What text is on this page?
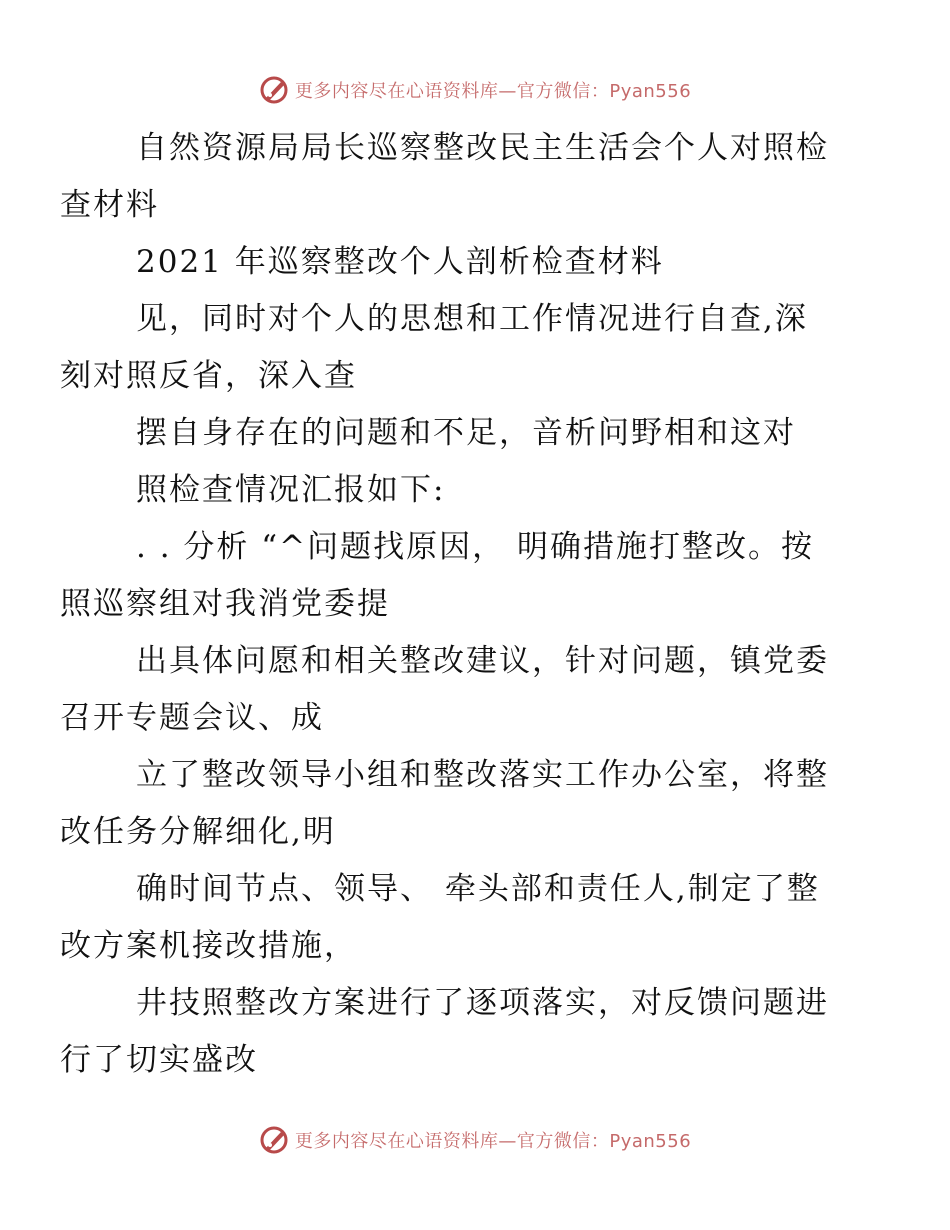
更多内容尽在心语资料库—官方微信：Pyan556

自然资源局局长巡察整改民主生活会个人对照检
查材料

2021 年巡察整改个人剖析检查材料

见，同时对个人的思想和工作情况进行自查,深
刻对照反省，深入查

摆自身存在的问题和不足，音析问野相和这对

照检查情况汇报如下:

. . 分析 “^问题找原因， 明确措施打整改。按
照巡察组对我消党委提

出具体问愿和相关整改建议，针对问题，镇党委
召开专题会议、成

立了整改领导小组和整改落实工作办公室，将整
改任务分解细化,明

确时间节点、领导、 牵头部和责任人,制定了整
改方案机接改措施，

井技照整改方案进行了逐项落实，对反馈问题进
行了切实盛改

更多内容尽在心语资料库—官方微信：Pyan556
